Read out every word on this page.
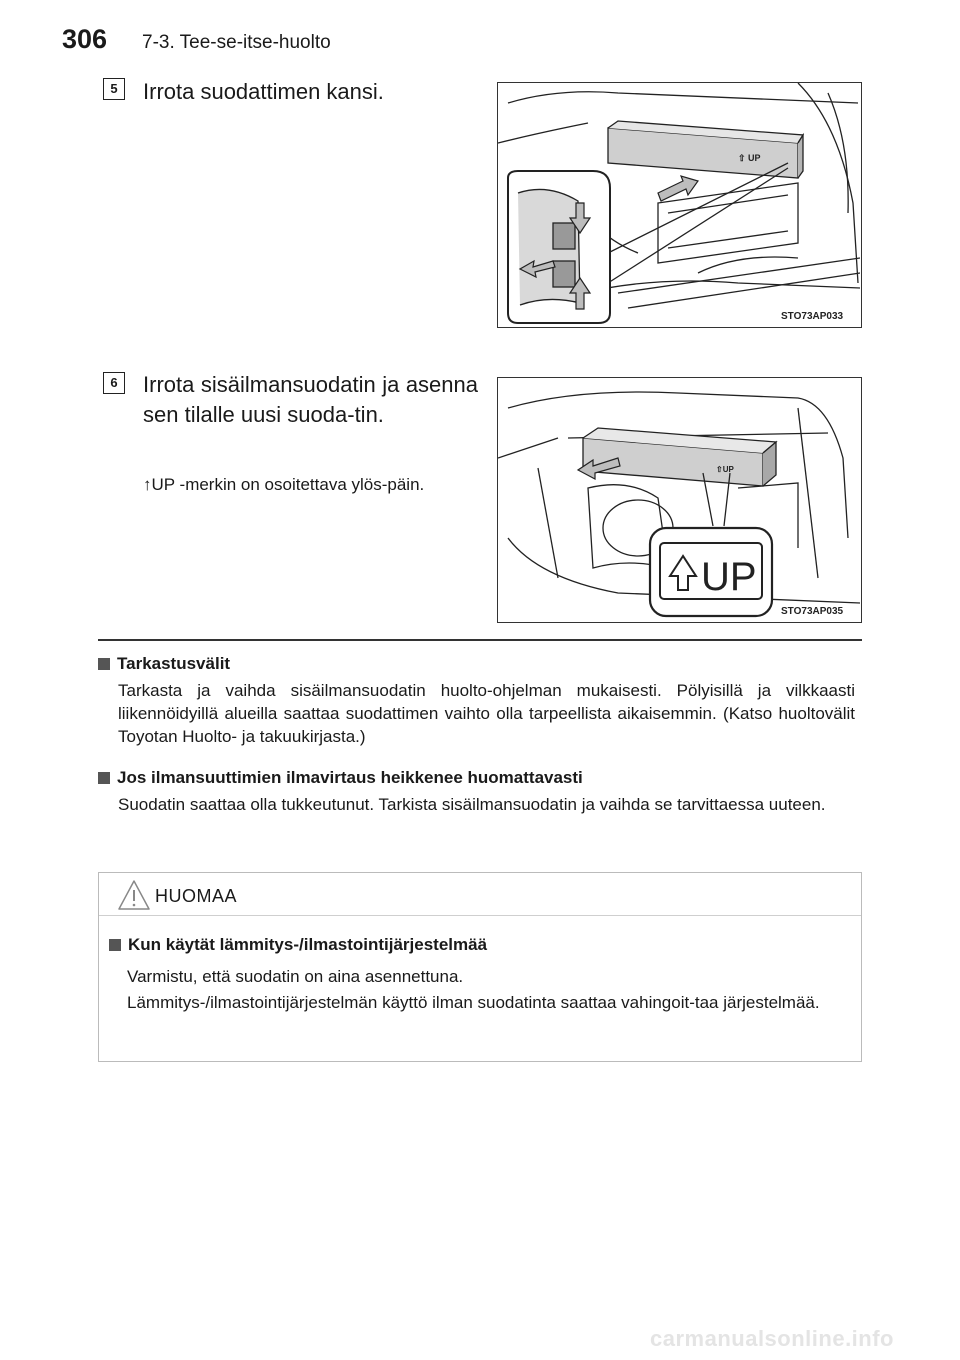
306 7-3. Tee-se-itse-huolto
5	Irrota suodattimen kansi.
⇧ UP
STO73AP033
6	Irrota sisäilmansuodatin ja asenna sen tilalle uusi suoda-tin.
↑UP -merkin on osoitettava ylös-päin.
⇧UP
UP
STO73AP035
Tarkastusvälit
Tarkasta ja vaihda sisäilmansuodatin huolto-ohjelman mukaisesti. Pölyisillä ja vilkkaasti liikennöidyillä alueilla saattaa suodattimen vaihto olla tarpeellista aikaisemmin. (Katso huoltovälit Toyotan Huolto- ja takuukirjasta.)
Jos ilmansuuttimien ilmavirtaus heikkenee huomattavasti
Suodatin saattaa olla tukkeutunut. Tarkista sisäilmansuodatin ja vaihda se tarvittaessa uuteen.
HUOMAA
Kun käytät lämmitys-/ilmastointijärjestelmää
Varmistu, että suodatin on aina asennettuna.
Lämmitys-/ilmastointijärjestelmän käyttö ilman suodatinta saattaa vahingoit-taa järjestelmää.
carmanualsonline.info
